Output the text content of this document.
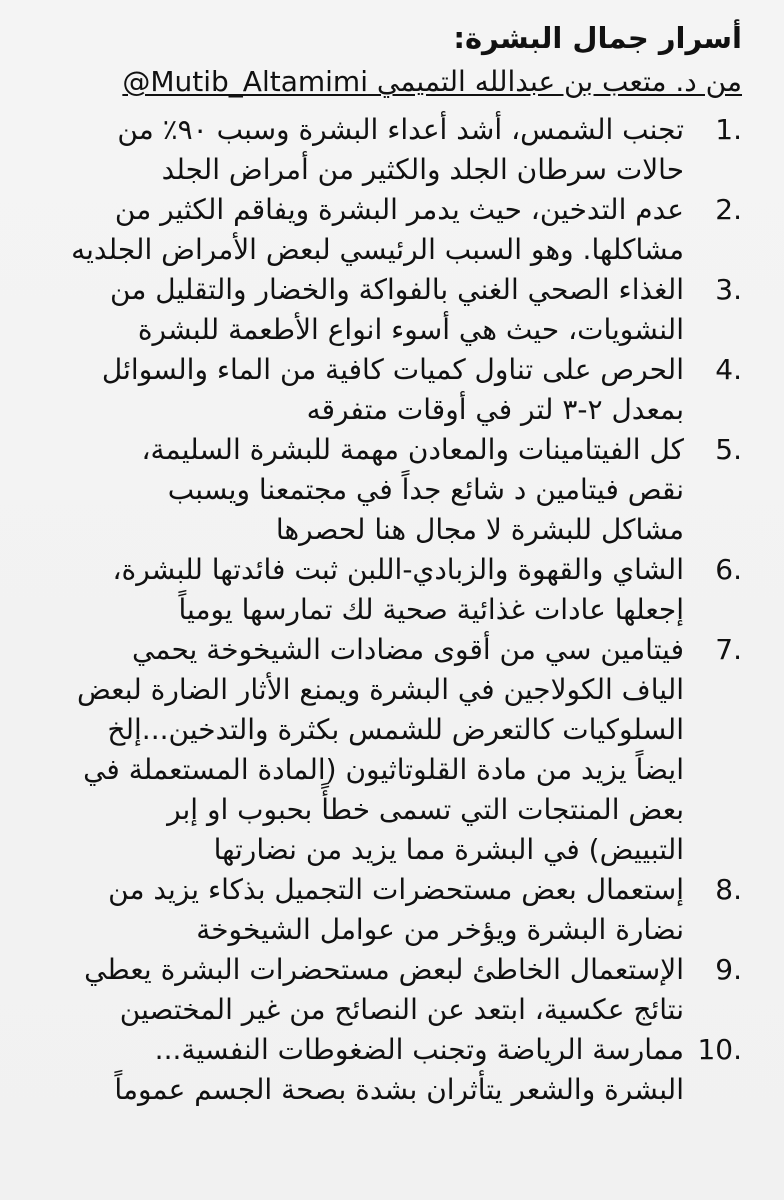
أسرار جمال البشرة:
من د. متعب بن عبدالله التميمي @Mutib_Altamimi
1.
تجنب الشمس، أشد أعداء البشرة وسبب ٩٠٪ من
حالات سرطان الجلد والكثير من أمراض الجلد
2.
عدم التدخين، حيث يدمر البشرة ويفاقم الكثير من
مشاكلها. وهو السبب الرئيسي لبعض الأمراض الجلديه
3.
الغذاء الصحي الغني بالفواكة والخضار والتقليل من
النشويات، حيث هي أسوء انواع الأطعمة للبشرة
4.
الحرص على تناول كميات كافية من الماء والسوائل
بمعدل ٢-٣ لتر في أوقات متفرقه
5.
كل الفيتامينات والمعادن مهمة للبشرة السليمة،
نقص فيتامين د شائع جداً في مجتمعنا ويسبب
مشاكل للبشرة لا مجال هنا لحصرها
6.
الشاي والقهوة والزبادي-اللبن ثبت فائدتها للبشرة،
إجعلها عادات غذائية صحية لك تمارسها يومياً
7.
فيتامين سي من أقوى مضادات الشيخوخة يحمي
الياف الكولاجين في البشرة ويمنع الأثار الضارة لبعض
السلوكيات كالتعرض للشمس بكثرة والتدخين...إلخ
ايضاً يزيد من مادة القلوتاثيون (المادة المستعملة في
بعض المنتجات التي تسمى خطأً بحبوب او إبر
التبييض) في البشرة مما يزيد من نضارتها
8.
إستعمال بعض مستحضرات التجميل بذكاء يزيد من
نضارة البشرة ويؤخر من عوامل الشيخوخة
9.
الإستعمال الخاطئ لبعض مستحضرات البشرة يعطي
نتائج عكسية، ابتعد عن النصائح من غير المختصين
10.
ممارسة الرياضة وتجنب الضغوطات النفسية...
البشرة والشعر يتأثران بشدة بصحة الجسم عموماً
